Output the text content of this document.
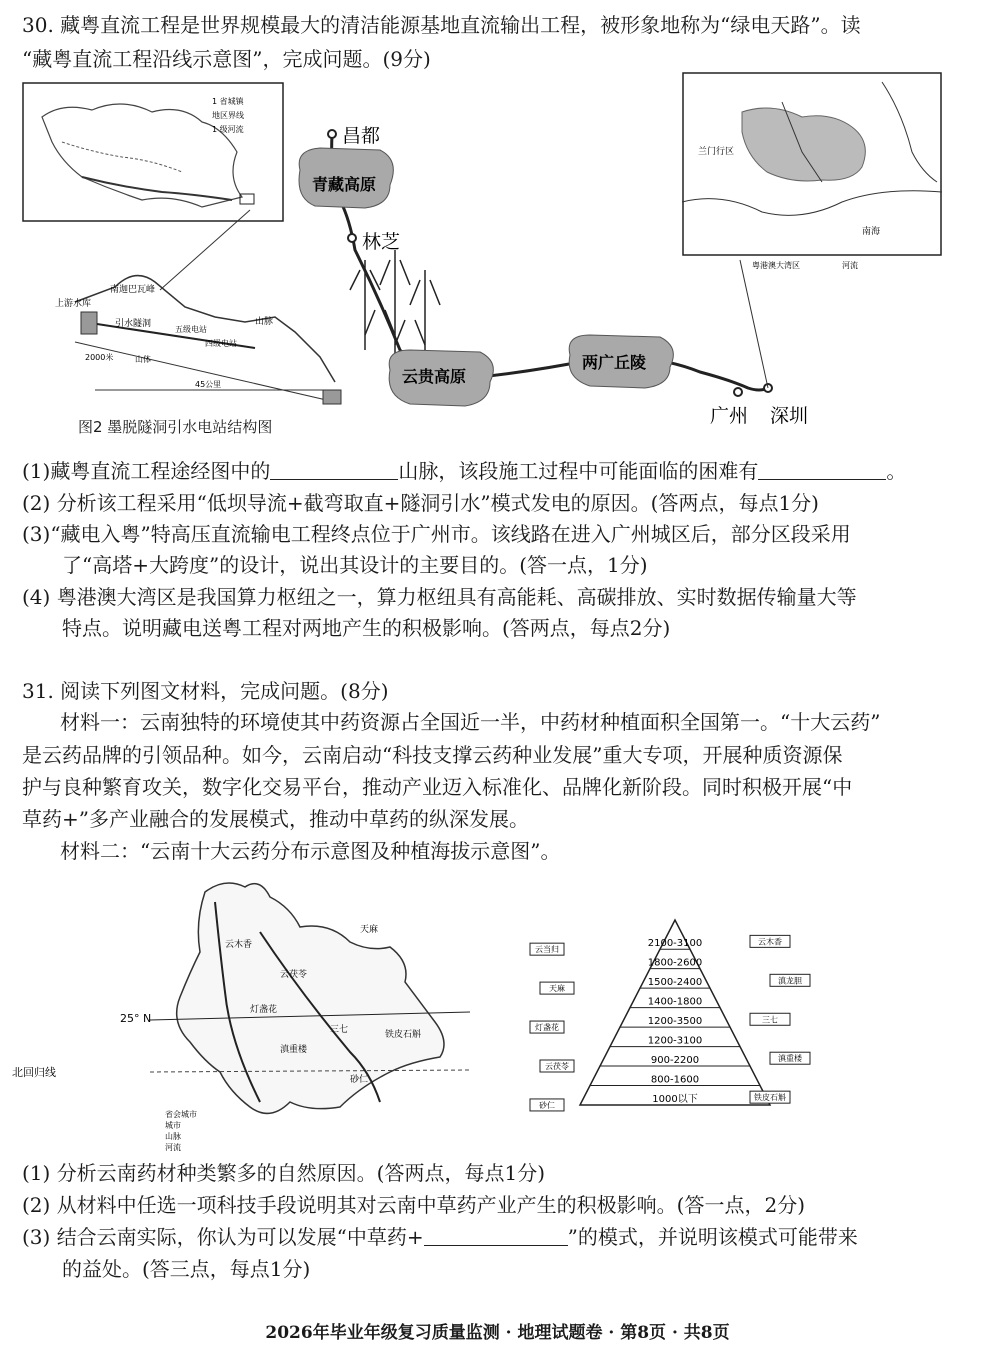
30. 藏粤直流工程是世界规模最大的清洁能源基地直流输出工程，被形象地称为“绿电天路”。读
“藏粤直流工程沿线示意图”，完成问题。(9分)
1 省城镇
地区界线
1 级河流
上游水库
南迦巴瓦峰
引水隧洞
五级电站
四级电站
山脉
2000米	山体
45公里
图2 墨脱隧洞引水电站结构图
昌都
青藏高原
林芝
云贵高原
两广丘陵
广州 深圳
兰门行区
南海
粤港澳大湾区	河流
(1)藏粤直流工程途经图中的	山脉，该段施工过程中可能面临的困难有	。
(2) 分析该工程采用“低坝导流+截弯取直+隧洞引水”模式发电的原因。(答两点，每点1分)
(3)“藏电入粤”特高压直流输电工程终点位于广州市。该线路在进入广州城区后，部分区段采用
了“高塔+大跨度”的设计，说出其设计的主要目的。(答一点，1分)
(4) 粤港澳大湾区是我国算力枢纽之一，算力枢纽具有高能耗、高碳排放、实时数据传输量大等
特点。说明藏电送粤工程对两地产生的积极影响。(答两点，每点2分)
31. 阅读下列图文材料，完成问题。(8分)
材料一：云南独特的环境使其中药资源占全国近一半，中药材种植面积全国第一。“十大云药”
是云药品牌的引领品种。如今，云南启动“科技支撑云药种业发展”重大专项，开展种质资源保
护与良种繁育攻关，数字化交易平台，推动产业迈入标准化、品牌化新阶段。同时积极开展“中
草药+”多产业融合的发展模式，推动中草药的纵深发展。
材料二：“云南十大云药分布示意图及种植海拔示意图”。
25° N
北回归线
天麻
云木香
云茯苓
灯盏花
三七	铁皮石斛
砂仁
滇重楼
省会城市
城市
山脉
河流
2100-3100
1800-2600
1500-2400
1400-1800
1200-3500
1200-3100
900-2200
800-1600
1000以下
云当归
天麻
灯盏花
云茯苓
砂仁
云木香
滇龙胆
三七
滇重楼
铁皮石斛
(1) 分析云南药材种类繁多的自然原因。(答两点，每点1分)
(2) 从材料中任选一项科技手段说明其对云南中草药产业产生的积极影响。(答一点，2分)
(3) 结合云南实际，你认为可以发展“中草药+	”的模式，并说明该模式可能带来
的益处。(答三点，每点1分)
2026年毕业年级复习质量监测 · 地理试题卷 · 第8页 · 共8页
